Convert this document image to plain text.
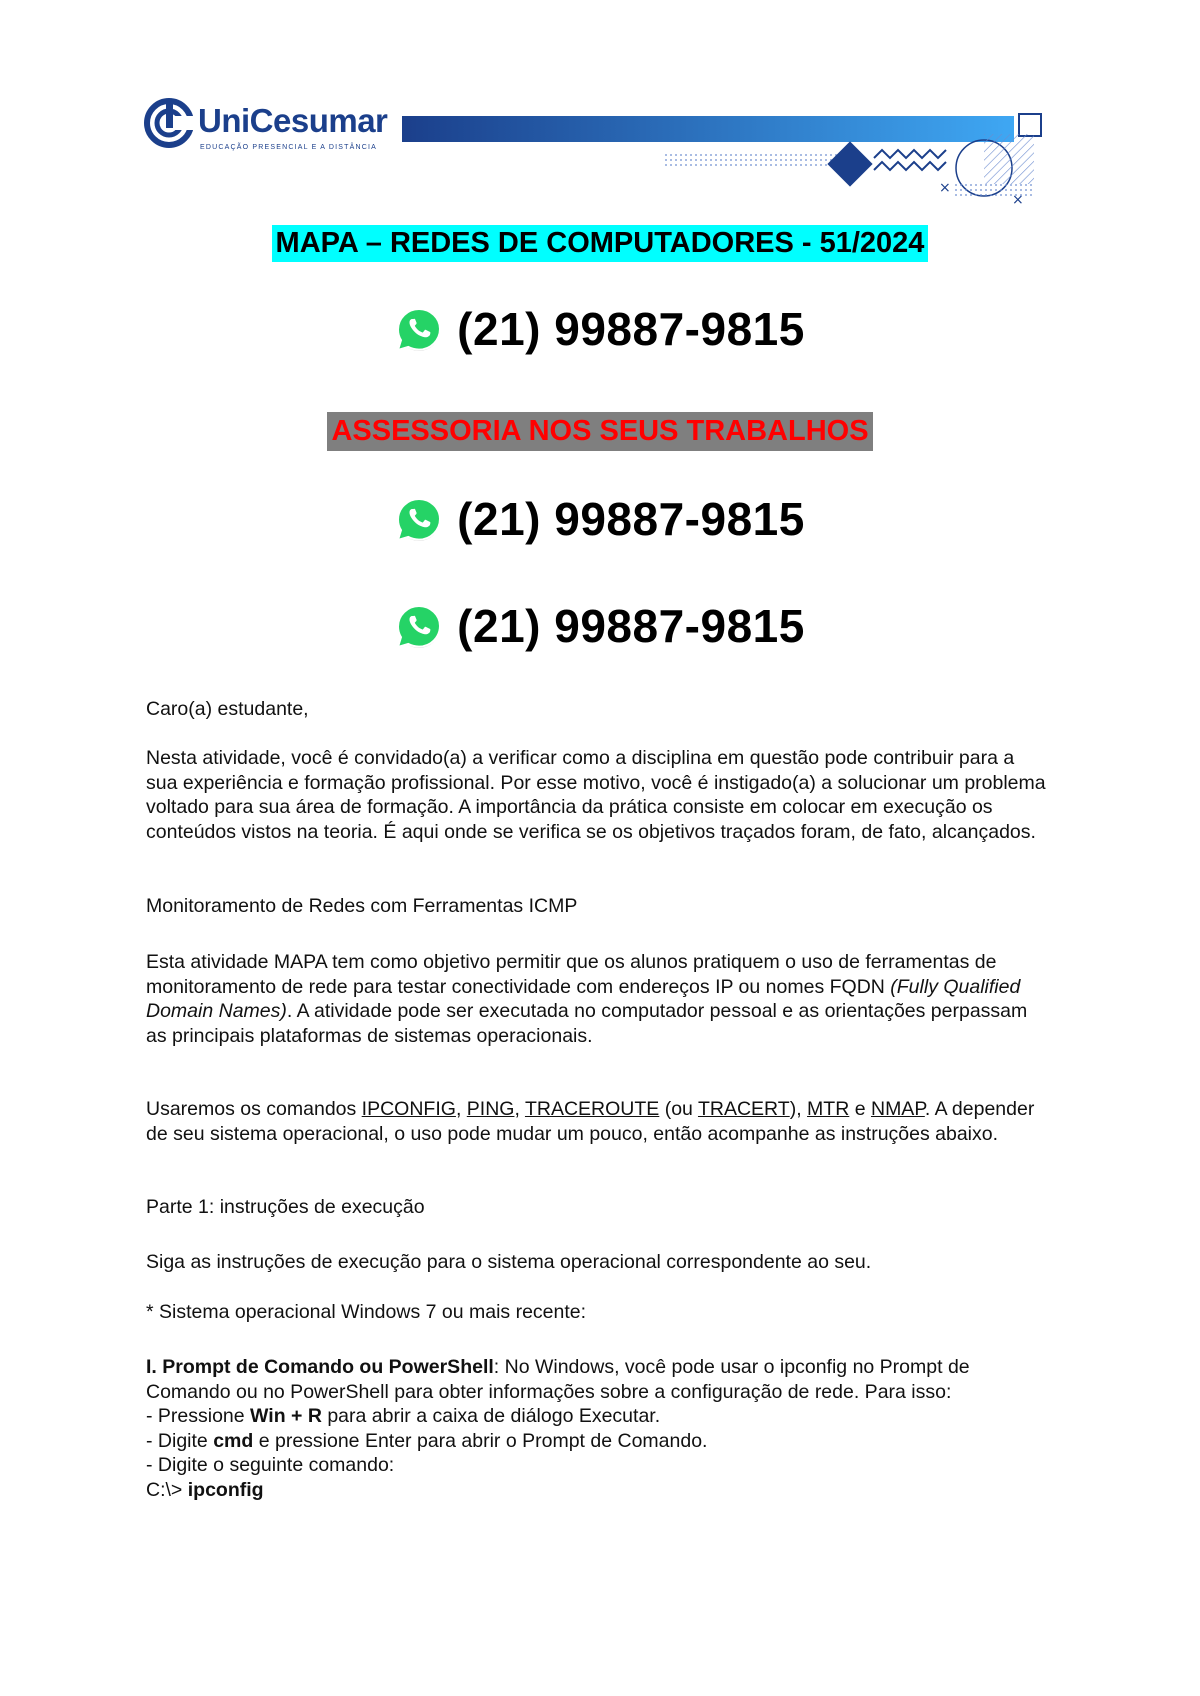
UniCesumar
EDUCAÇÃO PRESENCIAL E A DISTÂNCIA
×
×
MAPA – REDES DE COMPUTADORES - 51/2024
(21) 99887-9815
ASSESSORIA NOS SEUS TRABALHOS
(21) 99887-9815
(21) 99887-9815

Caro(a) estudante,

Nesta atividade, você é convidado(a) a verificar como a disciplina em questão pode contribuir para a sua experiência e formação profissional. Por esse motivo, você é instigado(a) a solucionar um problema voltado para sua área de formação. A importância da prática consiste em colocar em execução os conteúdos vistos na teoria. É aqui onde se verifica se os objetivos traçados foram, de fato, alcançados.

Monitoramento de Redes com Ferramentas ICMP

Esta atividade MAPA tem como objetivo permitir que os alunos pratiquem o uso de ferramentas de monitoramento de rede para testar conectividade com endereços IP ou nomes FQDN (Fully Qualified Domain Names). A atividade pode ser executada no computador pessoal e as orientações perpassam as principais plataformas de sistemas operacionais.

Usaremos os comandos IPCONFIG, PING, TRACEROUTE (ou TRACERT), MTR e NMAP. A depender de seu sistema operacional, o uso pode mudar um pouco, então acompanhe as instruções abaixo.

Parte 1: instruções de execução

Siga as instruções de execução para o sistema operacional correspondente ao seu.

* Sistema operacional Windows 7 ou mais recente:

I. Prompt de Comando ou PowerShell: No Windows, você pode usar o ipconfig no Prompt de Comando ou no PowerShell para obter informações sobre a configuração de rede. Para isso:

- Pressione Win + R para abrir a caixa de diálogo Executar.

- Digite cmd e pressione Enter para abrir o Prompt de Comando.

- Digite o seguinte comando:

C:\> ipconfig
